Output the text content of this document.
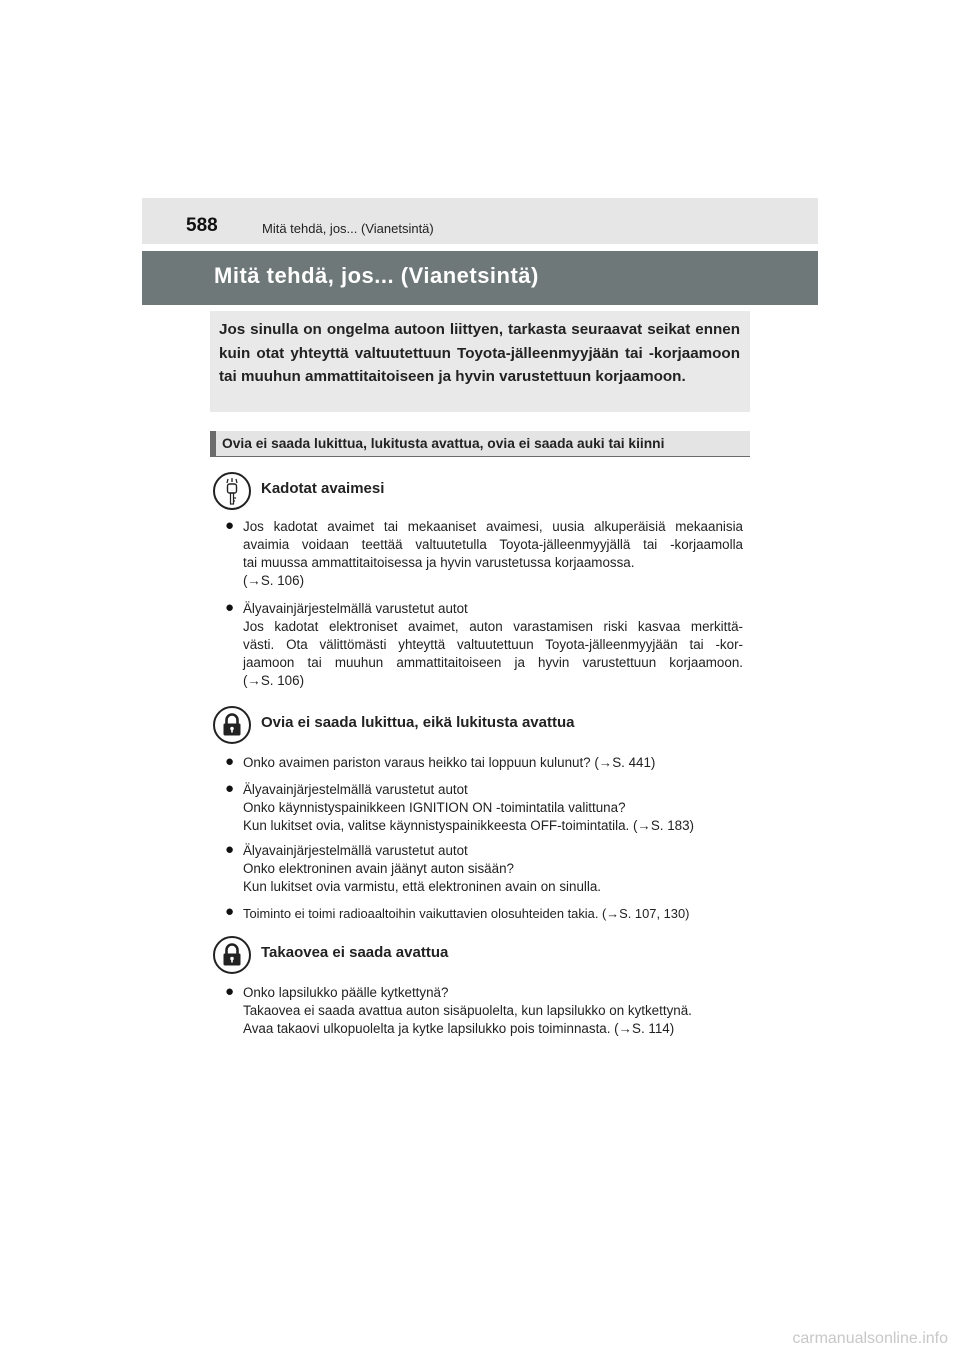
588	Mitä tehdä, jos... (Vianetsintä)
Mitä tehdä, jos... (Vianetsintä)
Jos sinulla on ongelma autoon liittyen, tarkasta seuraavat seikat ennen kuin otat yhteyttä valtuutettuun Toyota-jälleenmyyjään tai -korjaamoon tai muuhun ammattitaitoiseen ja hyvin varustettuun korjaamoon.
Ovia ei saada lukittua, lukitusta avattua, ovia ei saada auki tai kiinni
Kadotat avaimesi
● Jos kadotat avaimet tai mekaaniset avaimesi, uusia alkuperäisiä mekaanisia
avaimia voidaan teettää valtuutetulla Toyota-jälleenmyyjällä tai -korjaamolla
tai muussa ammattitaitoisessa ja hyvin varustetussa korjaamossa.
(→S. 106)
● Älyavainjärjestelmällä varustetut autot
Jos kadotat elektroniset avaimet, auton varastamisen riski kasvaa merkittä-
västi. Ota välittömästi yhteyttä valtuutettuun Toyota-jälleenmyyjään tai -kor-
jaamoon tai muuhun ammattitaitoiseen ja hyvin varustettuun korjaamoon.
(→S. 106)
Ovia ei saada lukittua, eikä lukitusta avattua
● Onko avaimen pariston varaus heikko tai loppuun kulunut? (→S. 441)
● Älyavainjärjestelmällä varustetut autot
Onko käynnistyspainikkeen IGNITION ON -toimintatila valittuna?
Kun lukitset ovia, valitse käynnistyspainikkeesta OFF-toimintatila. (→S. 183)
● Älyavainjärjestelmällä varustetut autot
Onko elektroninen avain jäänyt auton sisään?
Kun lukitset ovia varmistu, että elektroninen avain on sinulla.
● Toiminto ei toimi radioaaltoihin vaikuttavien olosuhteiden takia. (→S. 107, 130)
Takaovea ei saada avattua
● Onko lapsilukko päälle kytkettynä?
Takaovea ei saada avattua auton sisäpuolelta, kun lapsilukko on kytkettynä.
Avaa takaovi ulkopuolelta ja kytke lapsilukko pois toiminnasta. (→S. 114)
carmanualsonline.info
